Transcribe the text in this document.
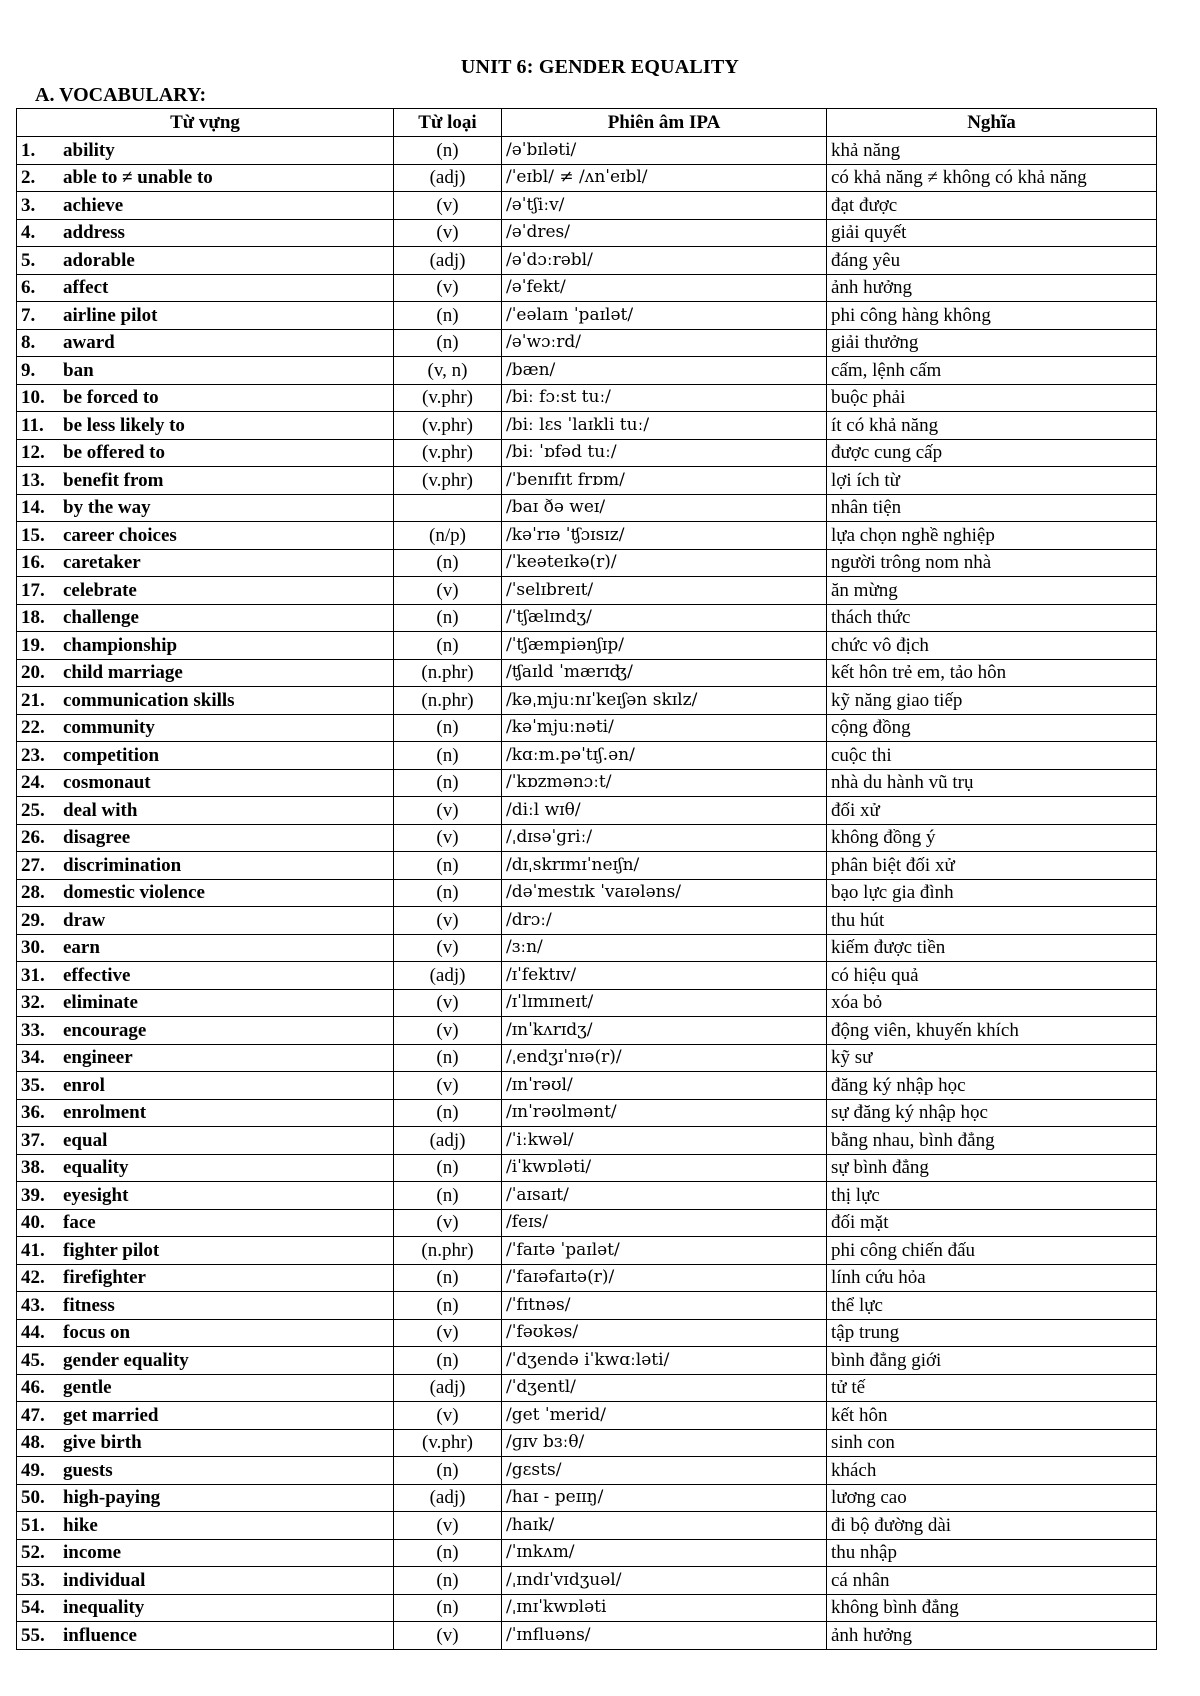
UNIT 6: GENDER EQUALITY
A. VOCABULARY:
Từ vựng	Từ loại	Phiên âm IPA	Nghĩa
1. ability	(n)	/əˈbɪləti/	khả năng
2. able to ≠ unable to	(adj)	/ˈeɪbl/ ≠ /ʌnˈeɪbl/	có khả năng ≠ không có khả năng
3. achieve	(v)	/əˈtʃiːv/	đạt được
4. address	(v)	/əˈdres/	giải quyết
5. adorable	(adj)	/əˈdɔːrəbl/	đáng yêu
6. affect	(v)	/əˈfekt/	ảnh hưởng
7. airline pilot	(n)	/ˈeəlaɪn ˈpaɪlət/	phi công hàng không
8. award	(n)	/əˈwɔːrd/	giải thưởng
9. ban	(v, n)	/bæn/	cấm, lệnh cấm
10. be forced to	(v.phr)	/biː fɔːst tuː/	buộc phải
11. be less likely to	(v.phr)	/biː lɛs ˈlaɪkli tuː/	ít có khả năng
12. be offered to	(v.phr)	/biː ˈɒfəd tuː/	được cung cấp
13. benefit from	(v.phr)	/ˈbenɪfɪt frɒm/	lợi ích từ
14. by the way		/baɪ ðə weɪ/	nhân tiện
15. career choices	(n/p)	/kəˈrɪə ˈʧɔɪsɪz/	lựa chọn nghề nghiệp
16. caretaker	(n)	/ˈkeəteɪkə(r)/	người trông nom nhà
17. celebrate	(v)	/ˈselɪbreɪt/	ăn mừng
18. challenge	(n)	/ˈtʃælɪndʒ/	thách thức
19. championship	(n)	/ˈtʃæmpiənʃɪp/	chức vô địch
20. child marriage	(n.phr)	/ʧaɪld ˈmærɪʤ/	kết hôn trẻ em, tảo hôn
21. communication skills	(n.phr)	/kəˌmjuːnɪˈkeɪʃən skɪlz/	kỹ năng giao tiếp
22. community	(n)	/kəˈmjuːnəti/	cộng đồng
23. competition	(n)	/kɑːm.pəˈtɪʃ.ən/	cuộc thi
24. cosmonaut	(n)	/ˈkɒzmənɔːt/	nhà du hành vũ trụ
25. deal with	(v)	/diːl wɪθ/	đối xử
26. disagree	(v)	/ˌdɪsəˈɡriː/	không đồng ý
27. discrimination	(n)	/dɪˌskrɪmɪˈneɪʃn/	phân biệt đối xử
28. domestic violence	(n)	/dəˈmestɪk ˈvaɪələns/	bạo lực gia đình
29. draw	(v)	/drɔː/	thu hút
30. earn	(v)	/ɜːn/	kiếm được tiền
31. effective	(adj)	/ɪˈfektɪv/	có hiệu quả
32. eliminate	(v)	/ɪˈlɪmɪneɪt/	xóa bỏ
33. encourage	(v)	/ɪnˈkʌrɪdʒ/	động viên, khuyến khích
34. engineer	(n)	/ˌendʒɪˈnɪə(r)/	kỹ sư
35. enrol	(v)	/ɪnˈrəʊl/	đăng ký nhập học
36. enrolment	(n)	/ɪnˈrəʊlmənt/	sự đăng ký nhập học
37. equal	(adj)	/ˈiːkwəl/	bằng nhau, bình đẳng
38. equality	(n)	/iˈkwɒləti/	sự bình đẳng
39. eyesight	(n)	/ˈaɪsaɪt/	thị lực
40. face	(v)	/feɪs/	đối mặt
41. fighter pilot	(n.phr)	/ˈfaɪtə ˈpaɪlət/	phi công chiến đấu
42. firefighter	(n)	/ˈfaɪəfaɪtə(r)/	lính cứu hỏa
43. fitness	(n)	/ˈfɪtnəs/	thể lực
44. focus on	(v)	/ˈfəʊkəs/	tập trung
45. gender equality	(n)	/ˈdʒendə iˈkwɑːləti/	bình đẳng giới
46. gentle	(adj)	/ˈdʒentl/	tử tế
47. get married	(v)	/get ˈmerid/	kết hôn
48. give birth	(v.phr)	/ɡɪv bɜːθ/	sinh con
49. guests	(n)	/gɛsts/	khách
50. high-paying	(adj)	/haɪ - peɪɪŋ/	lương cao
51. hike	(v)	/haɪk/	đi bộ đường dài
52. income	(n)	/ˈɪnkʌm/	thu nhập
53. individual	(n)	/ˌɪndɪˈvɪdʒuəl/	cá nhân
54. inequality	(n)	/ˌɪnɪˈkwɒləti	không bình đẳng
55. influence	(v)	/ˈɪnfluəns/	ảnh hưởng
